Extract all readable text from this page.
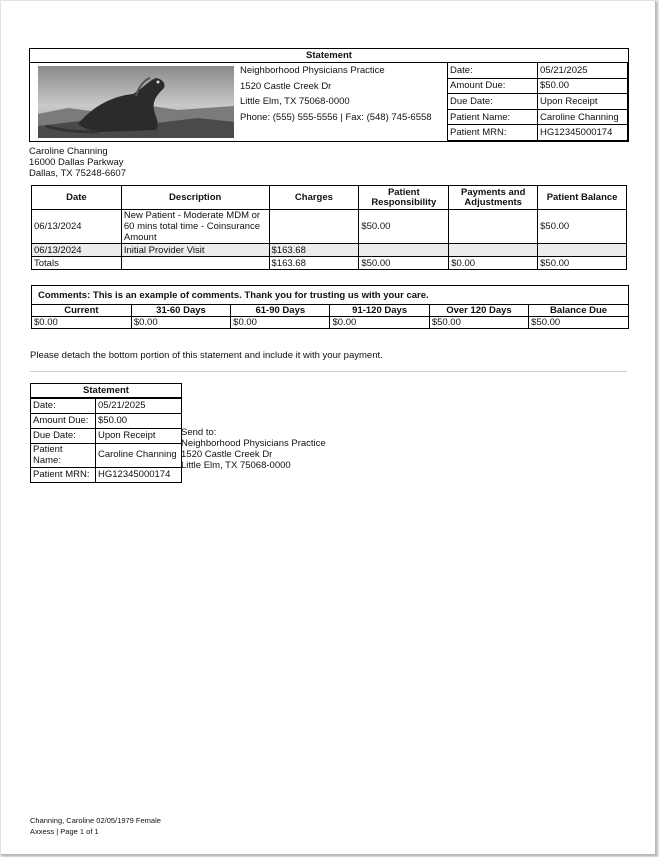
Statement
Neighborhood Physicians Practice
1520 Castle Creek Dr
Little Elm, TX 75068-0000
Phone: (555) 555-5556 | Fax: (548) 745-6558
Date:	05/21/2025
Amount Due:	$50.00
Due Date:	Upon Receipt
Patient Name:	Caroline Channing
Patient MRN:	HG12345000174
Caroline Channing
16000 Dallas Parkway
Dallas, TX 75248-6607
Date	Description	Charges	Patient Responsibility	Payments and Adjustments	Patient Balance
06/13/2024	New Patient - Moderate MDM or 60 mins total time - Coinsurance Amount		$50.00		$50.00
06/13/2024	Initial Provider Visit	$163.68			
Totals		$163.68	$50.00	$0.00	$50.00
Comments: This is an example of comments. Thank you for trusting us with your care.
Current	31-60 Days	61-90 Days	91-120 Days	Over 120 Days	Balance Due
$0.00	$0.00	$0.00	$0.00	$50.00	$50.00
Please detach the bottom portion of this statement and include it with your payment.
Statement
Date:	05/21/2025
Amount Due:	$50.00
Due Date:	Upon Receipt
Patient Name:	Caroline Channing
Patient MRN:	HG12345000174
Send to:
Neighborhood Physicians Practice
1520 Castle Creek Dr
Little Elm, TX 75068-0000
Channing, Caroline 02/05/1979 Female
Axxess | Page 1 of 1
